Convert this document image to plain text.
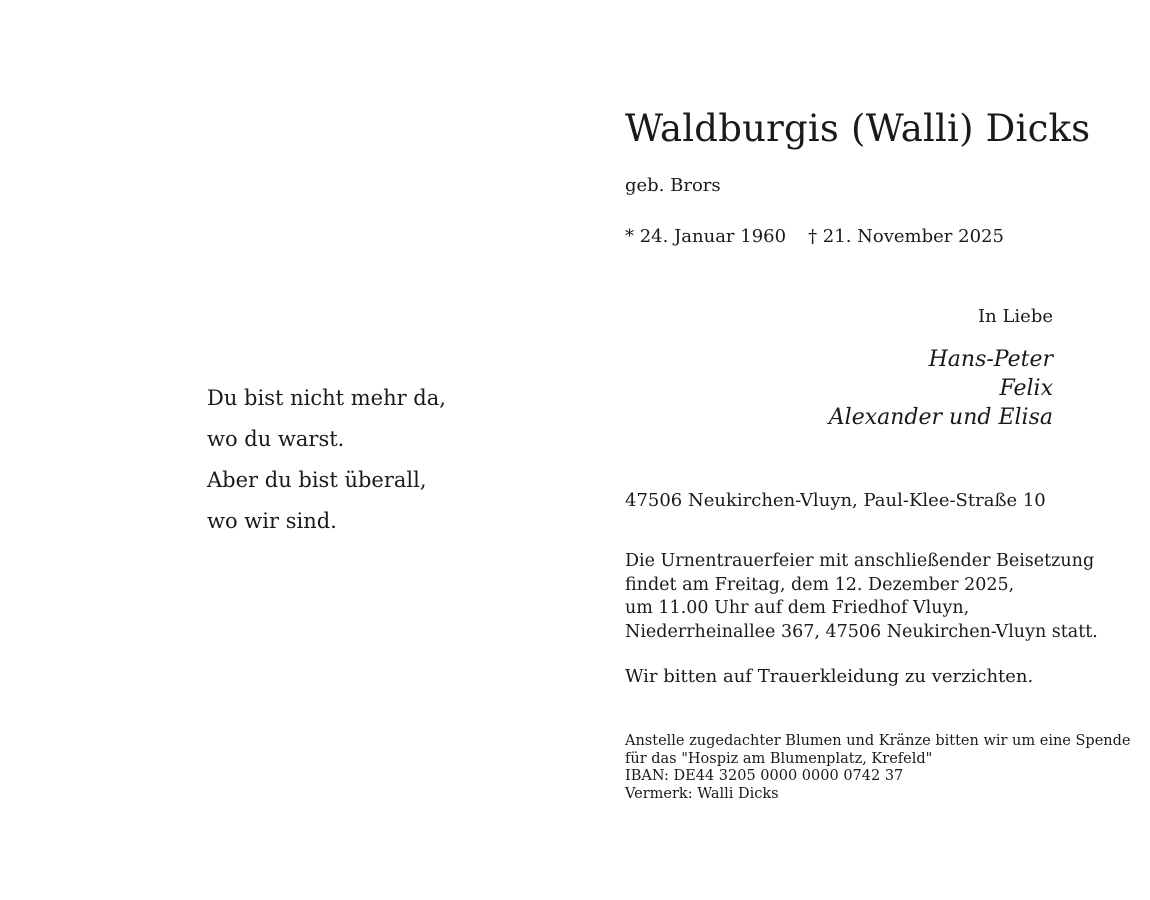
Du bist nicht mehr da,
wo du warst.
Aber du bist überall,
wo wir sind.
Waldburgis (Walli) Dicks
geb. Brors
* 24. Januar 1960 † 21. November 2025
In Liebe
Hans-Peter
Felix
Alexander und Elisa
47506 Neukirchen-Vluyn, Paul-Klee-Straße 10
Die Urnentrauerfeier mit anschließender Beisetzung
findet am Freitag, dem 12. Dezember 2025,
um 11.00 Uhr auf dem Friedhof Vluyn,
Niederrheinallee 367, 47506 Neukirchen-Vluyn statt.
Wir bitten auf Trauerkleidung zu verzichten.
Anstelle zugedachter Blumen und Kränze bitten wir um eine Spende
für das "Hospiz am Blumenplatz, Krefeld"
IBAN: DE44 3205 0000 0000 0742 37
Vermerk: Walli Dicks
